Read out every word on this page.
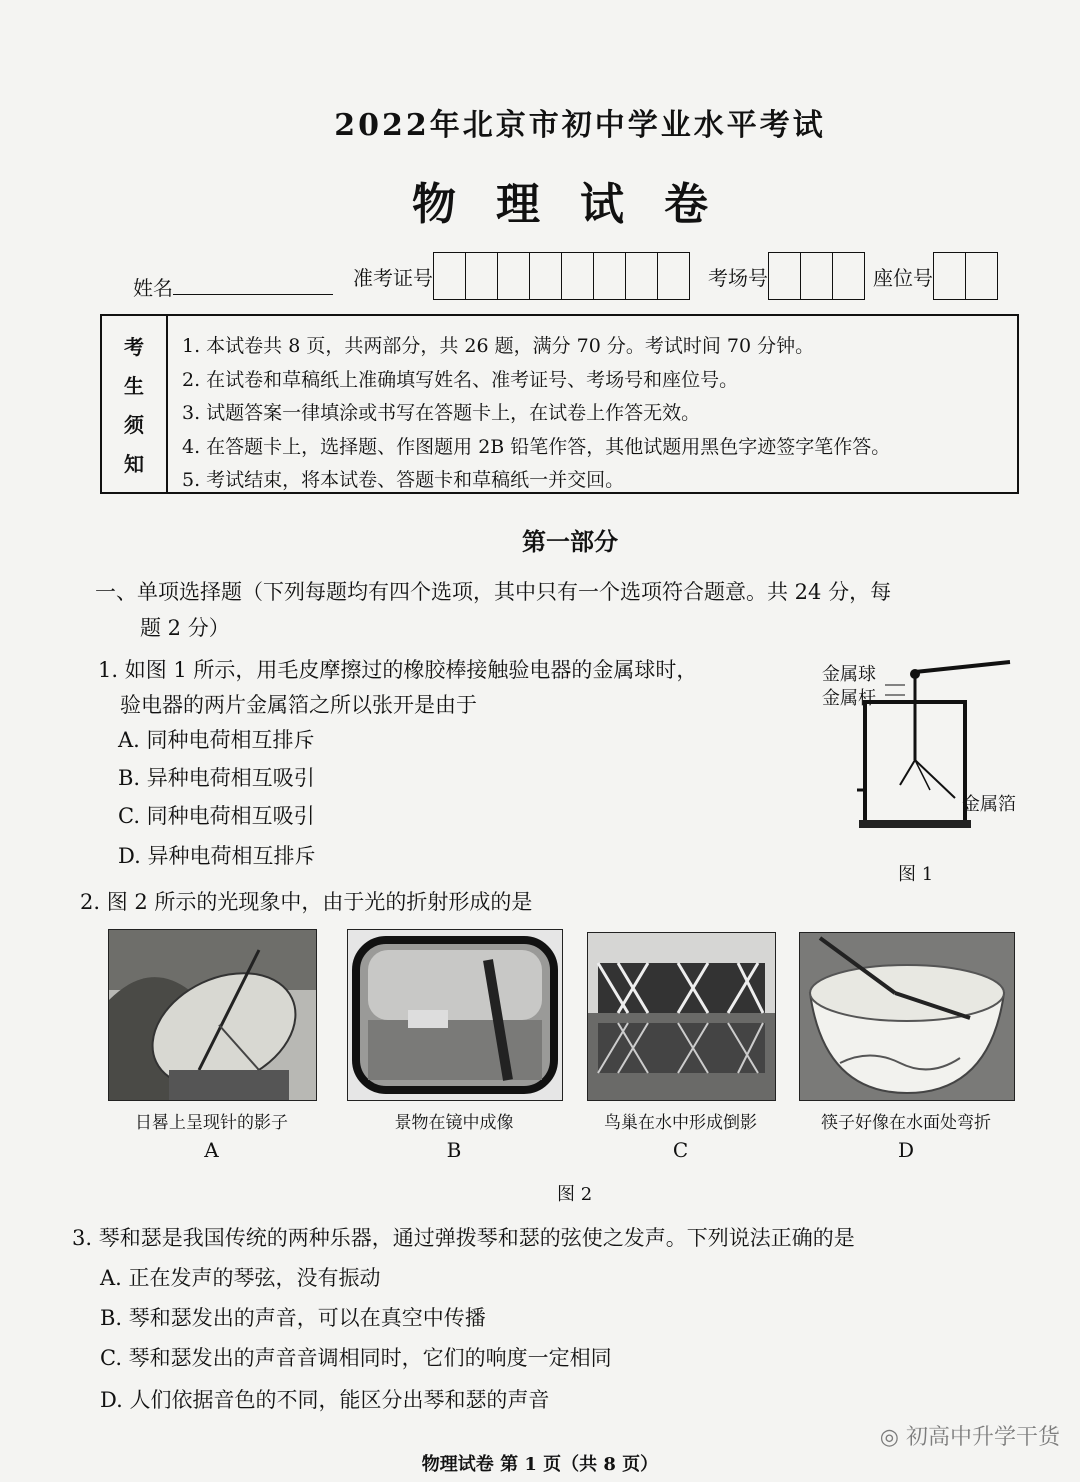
2022年北京市初中学业水平考试
物理试卷
姓名	准考证号	考场号	座位号
考
生
须
知
1. 本试卷共 8 页，共两部分，共 26 题，满分 70 分。考试时间 70 分钟。
2. 在试卷和草稿纸上准确填写姓名、准考证号、考场号和座位号。
3. 试题答案一律填涂或书写在答题卡上，在试卷上作答无效。
4. 在答题卡上，选择题、作图题用 2B 铅笔作答，其他试题用黑色字迹签字笔作答。
5. 考试结束，将本试卷、答题卡和草稿纸一并交回。
第一部分
一、单项选择题（下列每题均有四个选项，其中只有一个选项符合题意。共 24 分，每
题 2 分）
1. 如图 1 所示，用毛皮摩擦过的橡胶棒接触验电器的金属球时，
验电器的两片金属箔之所以张开是由于
A. 同种电荷相互排斥
B. 异种电荷相互吸引
C. 同种电荷相互吸引
D. 异种电荷相互排斥
金属球
金属杆
金属箔
图 1
2. 图 2 所示的光现象中，由于光的折射形成的是
日晷上呈现针的影子
A
景物在镜中成像
B
鸟巢在水中形成倒影
C
筷子好像在水面处弯折
D
图 2
3. 琴和瑟是我国传统的两种乐器，通过弹拨琴和瑟的弦使之发声。下列说法正确的是
A. 正在发声的琴弦，没有振动
B. 琴和瑟发出的声音，可以在真空中传播
C. 琴和瑟发出的声音音调相同时，它们的响度一定相同
D. 人们依据音色的不同，能区分出琴和瑟的声音
物理试卷 第 1 页（共 8 页）
◎ 初高中升学干货
